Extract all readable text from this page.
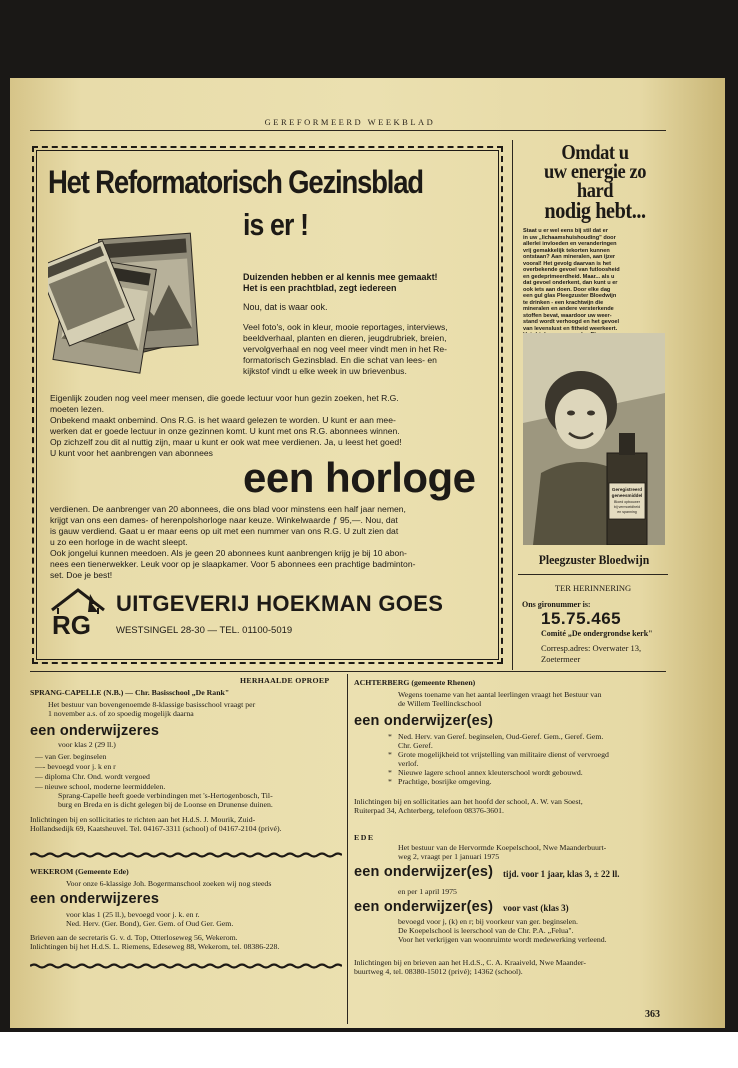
GEREFORMEERD WEEKBLAD
Het Reformatorisch Gezinsblad
is er !
Duizenden hebben er al kennis mee gemaakt!
Het is een prachtblad, zegt iedereen
Nou, dat is waar ook.
Veel foto's, ook in kleur, mooie reportages, interviews,
beeldverhaal, planten en dieren, jeugdrubriek, breien,
vervolgverhaal en nog veel meer vindt men in het Re-
formatorisch Gezinsblad. En die schat van lees- en
kijkstof vindt u elke week in uw brievenbus.
Eigenlijk zouden nog veel meer mensen, die goede lectuur voor hun gezin zoeken, het R.G.
moeten lezen.
Onbekend maakt onbemind. Ons R.G. is het waard gelezen te worden. U kunt er aan mee-
werken dat er goede lectuur in onze gezinnen komt. U kunt met ons R.G. abonnees winnen.
Op zichzelf zou dit al nuttig zijn, maar u kunt er ook wat mee verdienen. Ja, u leest het goed!
U kunt voor het aanbrengen van abonnees
een horloge
verdienen. De aanbrenger van 20 abonnees, die ons blad voor minstens een half jaar nemen,
krijgt van ons een dames- of herenpolshorloge naar keuze. Winkelwaarde ƒ 95,—. Nou, dat
is gauw verdiend. Gaat u er maar eens op uit met een nummer van ons R.G. U zult zien dat
u zo een horloge in de wacht sleept.
Ook jongelui kunnen meedoen. Als je geen 20 abonnees kunt aanbrengen krijg je bij 10 abon-
nees een tienerwekker. Leuk voor op je slaapkamer. Voor 5 abonnees een prachtige badminton-
set. Doe je best!
RG
UITGEVERIJ HOEKMAN GOES
WESTSINGEL 28-30 — TEL. 01100-5019
Omdat u
uw energie zo
hard
nodig hebt...
Staat u er wel eens bij stil dat er
in uw „lichaamshuishouding" door
allerlei invloeden en veranderingen
vrij gemakkelijk tekorten kunnen
ontstaan? Aan mineralen, aan ijzer
vooral! Het gevolg daarvan is het
overbekende gevoel van futloosheid
en gedeprimeerdheid. Maar... als u
dat gevoel onderkent, dan kunt u er
ook iets aan doen. Door elke dag
een gul glas Pleegzuster Bloedwijn
te drinken - een krachtwijn die
mineralen en andere versterkende
stoffen bevat, waardoor uw weer-
stand wordt verhoogd en het gevoel
van levenslust en fitheid weerkeert.
Geregistreerd
geneesmiddel
Bloed opbouwer
bij vermoeidheid
en spanning
Pleegzuster Bloedwijn
TER HERINNERING
Ons gironummer is:
15.75.465
Comité „De ondergrondse kerk"
Corresp.adres: Overwater 13,
Zoetermeer
HERHAALDE OPROEP
SPRANG-CAPELLE (N.B.) — Chr. Basisschool „De Rank"
Het bestuur van bovengenoemde 8-klassige basisschool vraagt per
1 november a.s. of zo spoedig mogelijk daarna
een onderwijzeres
voor klas 2 (29 ll.)
— van Ger. beginselen
—- bevoegd voor j. k en r
— diploma Chr. Ond. wordt vergoed
— nieuwe school, moderne leermiddelen.
Sprang-Capelle heeft goede verbindingen met 's-Hertogenbosch, Til-
burg en Breda en is dicht gelegen bij de Loonse en Drunense duinen.
Inlichtingen bij en sollicitaties te richten aan het H.d.S. J. Mourik, Zuid-
Hollandsedijk 69, Kaatsheuvel. Tel. 04167-3311 (school) of 04167-2104 (privé).
WEKEROM (Gemeente Ede)
Voor onze 6-klassige Joh. Bogermanschool zoeken wij nog steeds
een onderwijzeres
voor klas 1 (25 ll.), bevoegd voor j. k. en r.
Ned. Herv. (Ger. Bond), Ger. Gem. of Oud Ger. Gem.
Brieven aan de secretaris G. v. d. Top, Otterloseweg 56, Wekerom.
Inlichtingen bij het H.d.S. L. Riemens, Edeseweg 88, Wekerom, tel. 08386-228.
ACHTERBERG (gemeente Rhenen)
Wegens toename van het aantal leerlingen vraagt het Bestuur van
de Willem Teellinckschool
een onderwijzer(es)
* Ned. Herv. van Geref. beginselen, Oud-Geref. Gem., Geref. Gem.
Chr. Geref.
* Grote mogelijkheid tot vrijstelling van militaire dienst of vervroegd
verlof.
* Nieuwe lagere school annex kleuterschool wordt gebouwd.
* Prachtige, bosrijke omgeving.
Inlichtingen bij en sollicitaties aan het hoofd der school, A. W. van Soest,
Ruiterpad 34, Achterberg, telefoon 08376-3601.
EDE
Het bestuur van de Hervormde Koepelschool, Nwe Maanderbuurt-
weg 2, vraagt per 1 januari 1975
een onderwijzer(es) tijd. voor 1 jaar, klas 3, ± 22 ll.
en per 1 april 1975
een onderwijzer(es) voor vast (klas 3)
bevoegd voor j, (k) en r; bij voorkeur van ger. beginselen.
De Koepelschool is leerschool van de Chr. P.A. „Felua".
Voor het verkrijgen van woonruimte wordt medewerking verleend.
Inlichtingen bij en brieven aan het H.d.S., C. A. Kraaiveld, Nwe Maander-
buurtweg 4, tel. 08380-15012 (privé); 14362 (school).
363
